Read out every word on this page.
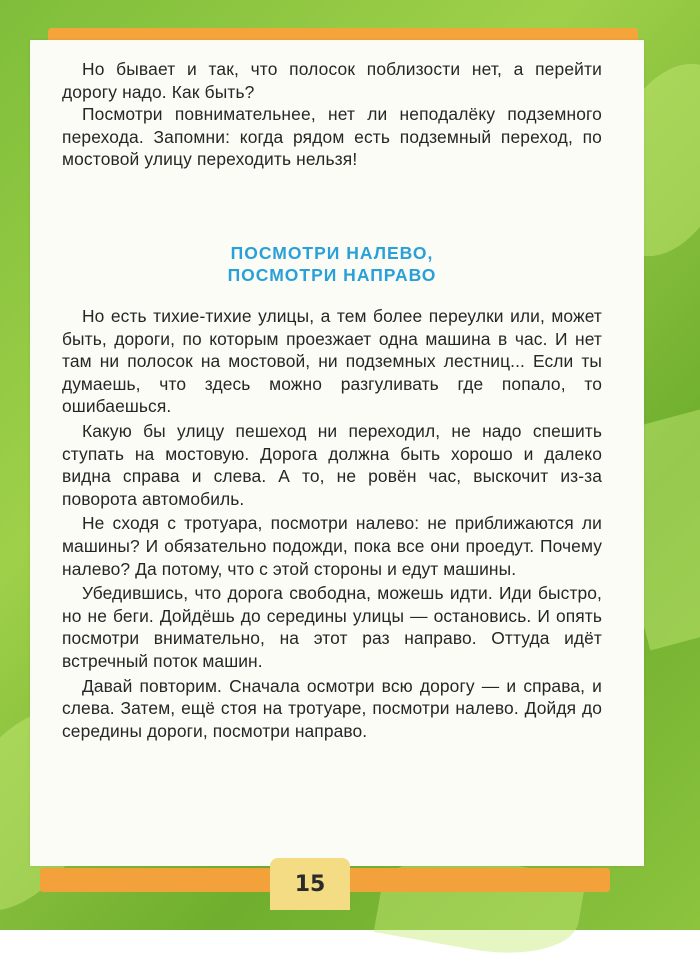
Но бывает и так, что полосок поблизости нет, а перейти дорогу надо. Как быть?

Посмотри повнимательнее, нет ли неподалёку подземного перехода. Запомни: когда рядом есть подземный переход, по мостовой улицу переходить нельзя!

ПОСМОТРИ НАЛЕВО,
ПОСМОТРИ НАПРАВО

Но есть тихие-тихие улицы, а тем более переулки или, может быть, дороги, по которым проезжает одна машина в час. И нет там ни полосок на мостовой, ни подземных лестниц... Если ты думаешь, что здесь можно разгуливать где попало, то ошибаешься.

Какую бы улицу пешеход ни переходил, не надо спешить ступать на мостовую. Дорога должна быть хорошо и далеко видна справа и слева. А то, не ровён час, выскочит из-за поворота автомобиль.

Не сходя с тротуара, посмотри налево: не приближаются ли машины? И обязательно подожди, пока все они проедут. Почему налево? Да потому, что с этой стороны и едут машины.

Убедившись, что дорога свободна, можешь идти. Иди быстро, но не беги. Дойдёшь до середины улицы — остановись. И опять посмотри внимательно, на этот раз направо. Оттуда идёт встречный поток машин.

Давай повторим. Сначала осмотри всю дорогу — и справа, и слева. Затем, ещё стоя на тротуаре, посмотри налево. Дойдя до середины дороги, посмотри направо.

15
